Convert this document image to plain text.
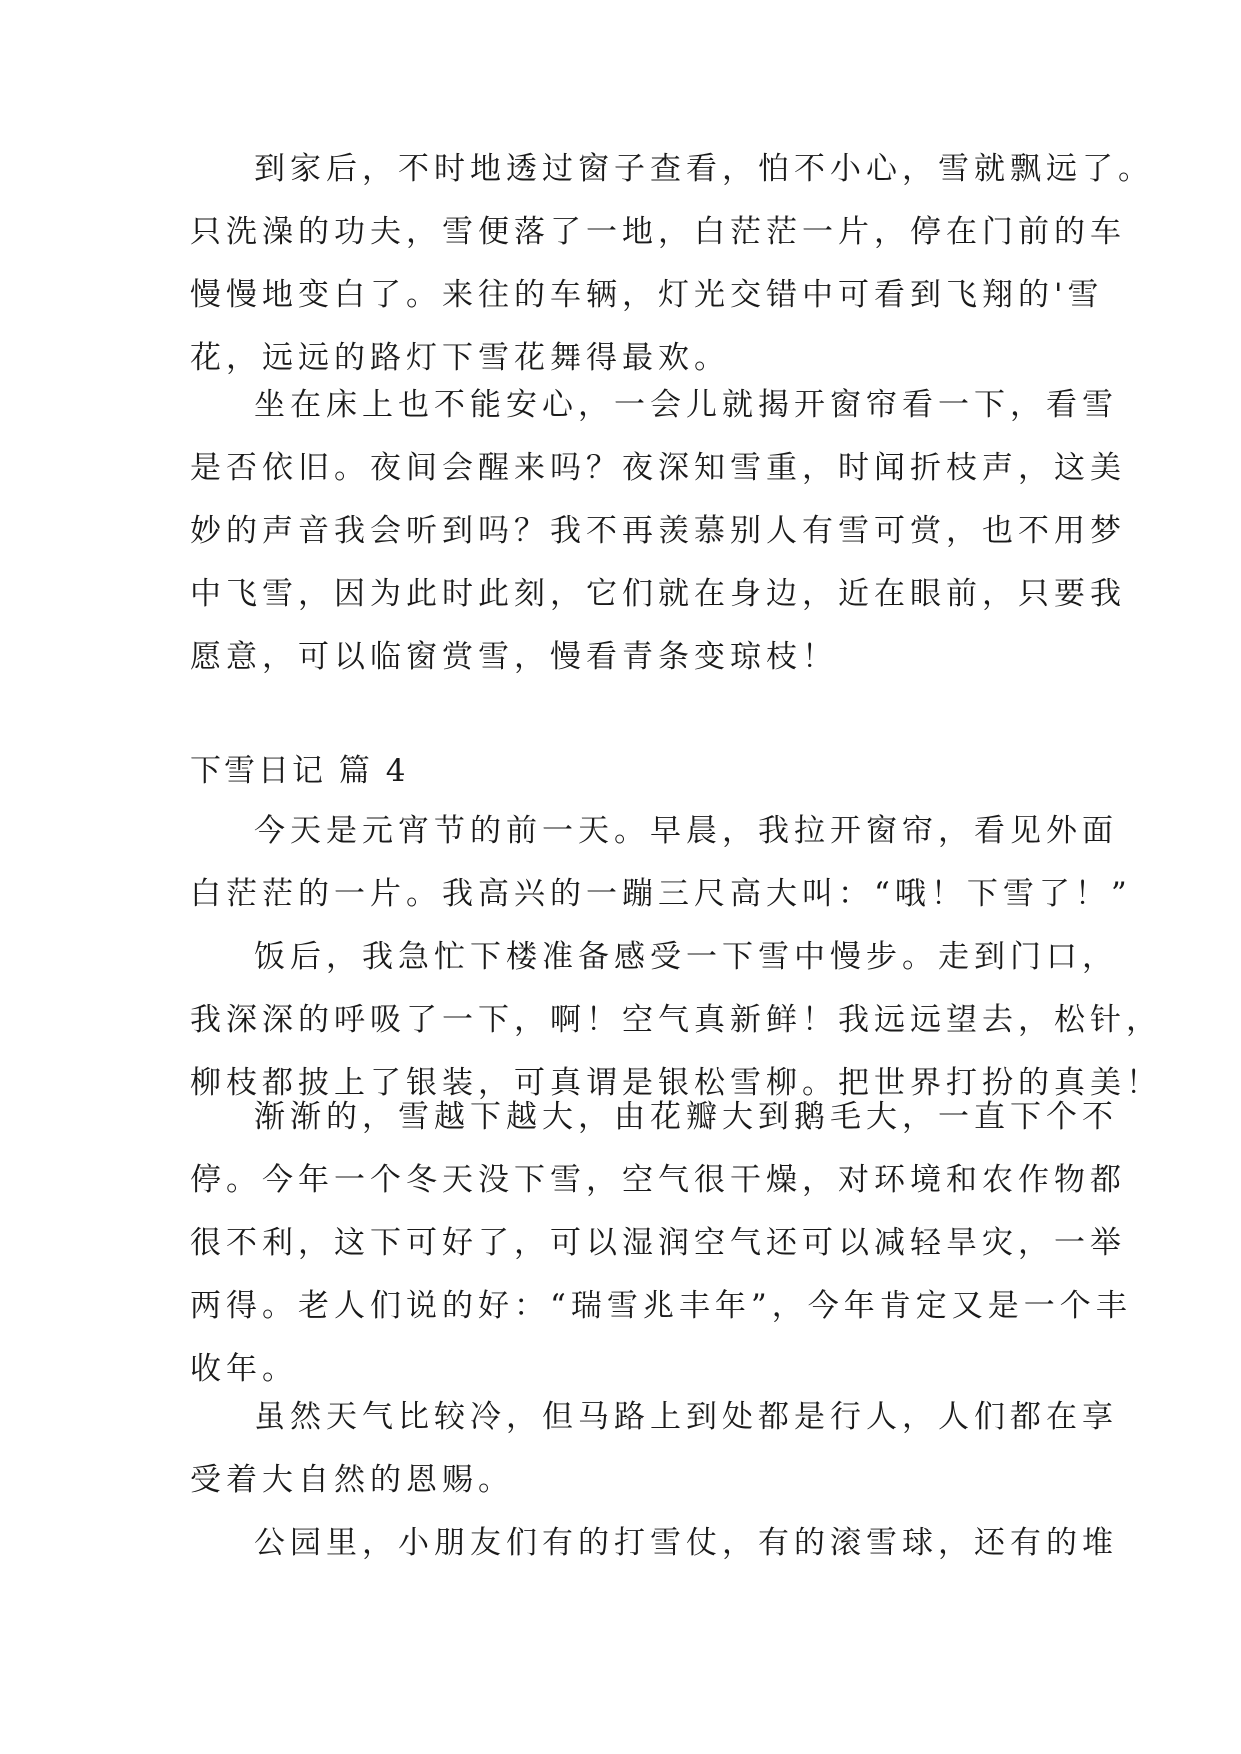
到家后，不时地透过窗子查看，怕不小心，雪就飘远了。
只洗澡的功夫，雪便落了一地，白茫茫一片，停在门前的车
慢慢地变白了。来往的车辆，灯光交错中可看到飞翔的'雪
花，远远的路灯下雪花舞得最欢。
坐在床上也不能安心，一会儿就揭开窗帘看一下，看雪
是否依旧。夜间会醒来吗？夜深知雪重，时闻折枝声，这美
妙的声音我会听到吗？我不再羡慕别人有雪可赏，也不用梦
中飞雪，因为此时此刻，它们就在身边，近在眼前，只要我
愿意，可以临窗赏雪，慢看青条变琼枝！
下雪日记 篇 4
今天是元宵节的前一天。早晨，我拉开窗帘，看见外面
白茫茫的一片。我高兴的一蹦三尺高大叫：“哦！下雪了！”
饭后，我急忙下楼准备感受一下雪中慢步。走到门口，
我深深的呼吸了一下，啊！空气真新鲜！我远远望去，松针，
柳枝都披上了银装，可真谓是银松雪柳。把世界打扮的真美！
渐渐的，雪越下越大，由花瓣大到鹅毛大，一直下个不
停。今年一个冬天没下雪，空气很干燥，对环境和农作物都
很不利，这下可好了，可以湿润空气还可以减轻旱灾，一举
两得。老人们说的好：“瑞雪兆丰年”，今年肯定又是一个丰
收年。
虽然天气比较冷，但马路上到处都是行人，人们都在享
受着大自然的恩赐。
公园里，小朋友们有的打雪仗，有的滚雪球，还有的堆
